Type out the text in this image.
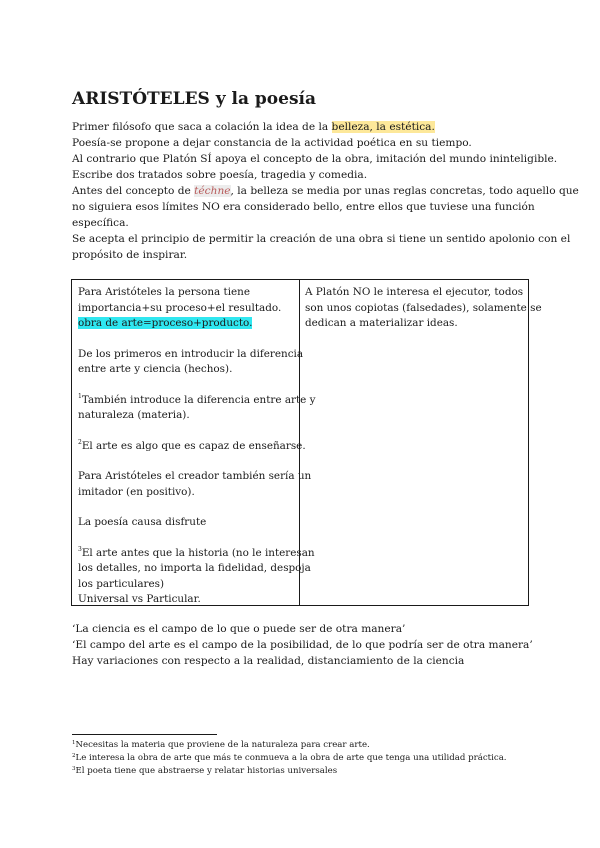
ARISTÓTELES y la poesía
Primer filósofo que saca a colación la idea de la belleza, la estética.
Poesía-se propone a dejar constancia de la actividad poética en su tiempo.
Al contrario que Platón SÍ apoya el concepto de la obra, imitación del mundo ininteligible.
Escribe dos tratados sobre poesía, tragedia y comedia.
Antes del concepto de téchne, la belleza se media por unas reglas concretas, todo aquello que
no siguiera esos límites NO era considerado bello, entre ellos que tuviese una función
específica.
Se acepta el principio de permitir la creación de una obra si tiene un sentido apolonio con el
propósito de inspirar.
Para Aristóteles la persona tiene
importancia+su proceso+el resultado.
obra de arte=proceso+producto.
De los primeros en introducir la diferencia
entre arte y ciencia (hechos).
$^1$También introduce la diferencia entre arte y
naturaleza (materia).
$^2$El arte es algo que es capaz de enseñarse.
Para Aristóteles el creador también sería un
imitador (en positivo).
La poesía causa disfrute
$^3$El arte antes que la historia (no le interesan
los detalles, no importa la fidelidad, despoja
los particulares)
Universal vs Particular.
A Platón NO le interesa el ejecutor, todos
son unos copiotas (falsedades), solamente se
dedican a materializar ideas.
‘La ciencia es el campo de lo que o puede ser de otra manera’
‘El campo del arte es el campo de la posibilidad, de lo que podría ser de otra manera’
Hay variaciones con respecto a la realidad, distanciamiento de la ciencia
$^1$Necesitas la materia que proviene de la naturaleza para crear arte.
$^2$Le interesa la obra de arte que más te conmueva a la obra de arte que tenga una utilidad práctica.
$^3$El poeta tiene que abstraerse y relatar historias universales
